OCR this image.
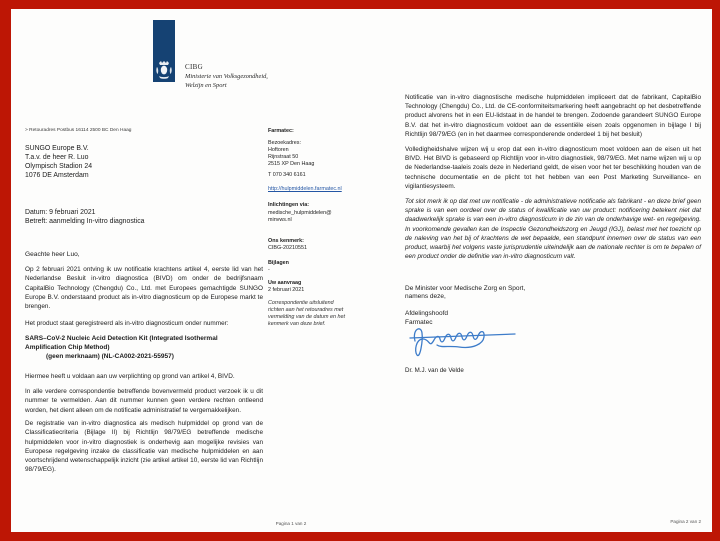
CIBG
Ministerie van Volksgezondheid,
Welzijn en Sport
> Retouradres Postbus 16114 2500 BC Den Haag
SUNGO Europe B.V.
T.a.v. de heer R. Luo
Olympisch Stadion 24
1076 DE Amsterdam
Datum: 9 februari 2021
Betreft: aanmelding In-vitro diagnostica
Geachte heer Luo,
Op 2 februari 2021 ontving ik uw notificatie krachtens artikel 4, eerste lid van het Nederlandse Besluit in-vitro diagnostica (BIVD) om onder de bedrijfsnaam CapitalBio Technology (Chengdu) Co., Ltd. met Europees gemachtigde SUNGO Europe B.V. onderstaand product als in-vitro diagnosticum op de Europese markt te brengen.
Het product staat geregistreerd als in-vitro diagnosticum onder nummer:
SARS–CoV-2 Nucleic Acid Detection Kit (Integrated Isothermal
Amplification Chip Method)
(geen merknaam) (NL-CA002-2021-55957)
Hiermee heeft u voldaan aan uw verplichting op grond van artikel 4, BIVD.
In alle verdere correspondentie betreffende bovenvermeld product verzoek ik u dit nummer te vermelden. Aan dit nummer kunnen geen verdere rechten ontleend worden, het dient alleen om de notificatie administratief te vergemakkelijken.
De registratie van in-vitro diagnostica als medisch hulpmiddel op grond van de Classificatiecriteria (Bijlage II) bij Richtlijn 98/79/EG betreffende medische hulpmiddelen voor in-vitro diagnostiek is onderhevig aan mogelijke revisies van Europese regelgeving inzake de classificatie van medische hulpmiddelen en aan voortschrijdend wetenschappelijk inzicht (zie artikel artikel 10, eerste lid van Richtlijn 98/79/EG).
Pagina 1 van 2
Farmatec:
Bezoekadres:
Hoftoren
Rijnstraat 50
2515 XP Den Haag
T 070 340 6161
http://hulpmiddelen.farmatec.nl
Inlichtingen via:
medische_hulpmiddelen@
minvws.nl
Ons kenmerk:
CIBG-20210551
Bijlagen
-
Uw aanvraag
2 februari 2021
Correspondentie uitsluitend richten aan het retouradres met vermelding van de datum en het kenmerk van deze brief.
Notificatie van in-vitro diagnostische medische hulpmiddelen impliceert dat de fabrikant, CapitalBio Technology (Chengdu) Co., Ltd. de CE-conformiteitsmarkering heeft aangebracht op het desbetreffende product alvorens het in een EU-lidstaat in de handel te brengen. Zodoende garandeert SUNGO Europe B.V. dat het in-vitro diagnosticum voldoet aan de essentiële eisen zoals opgenomen in bijlage I bij Richtlijn 98/79/EG (en in het daarmee corresponderende onderdeel 1 bij het besluit)
Volledigheidshalve wijzen wij u erop dat een in-vitro diagnosticum moet voldoen aan de eisen uit het BIVD. Het BIVD is gebaseerd op Richtlijn voor in-vitro diagnostiek, 98/79/EG. Met name wijzen wij u op de Nederlandse-taaleis zoals deze in Nederland geldt, de eisen voor het ter beschikking houden van de technische documentatie en de plicht tot het hebben van een Post Marketing Surveillance- en vigilantiesysteem.
Tot slot merk ik op dat met uw notificatie - de administratieve notificatie als fabrikant - en deze brief geen sprake is van een oordeel over de status of kwalificatie van uw product: notificering betekent niet dat daadwerkelijk sprake is van een in-vitro diagnosticum in de zin van de onderhavige wet- en regelgeving. In voorkomende gevallen kan de Inspectie Gezondheidszorg en Jeugd (IGJ), belast met het toezicht op de naleving van het bij of krachtens de wet bepaalde, een standpunt innemen over de status van een product, waarbij het volgens vaste jurisprudentie uiteindelijk aan de nationale rechter is om te bepalen of een product onder de definitie van in-vitro diagnosticum valt.
De Minister voor Medische Zorg en Sport,
namens deze,
Afdelingshoofd
Farmatec
Dr. M.J. van de Velde
Pagina 2 van 2
